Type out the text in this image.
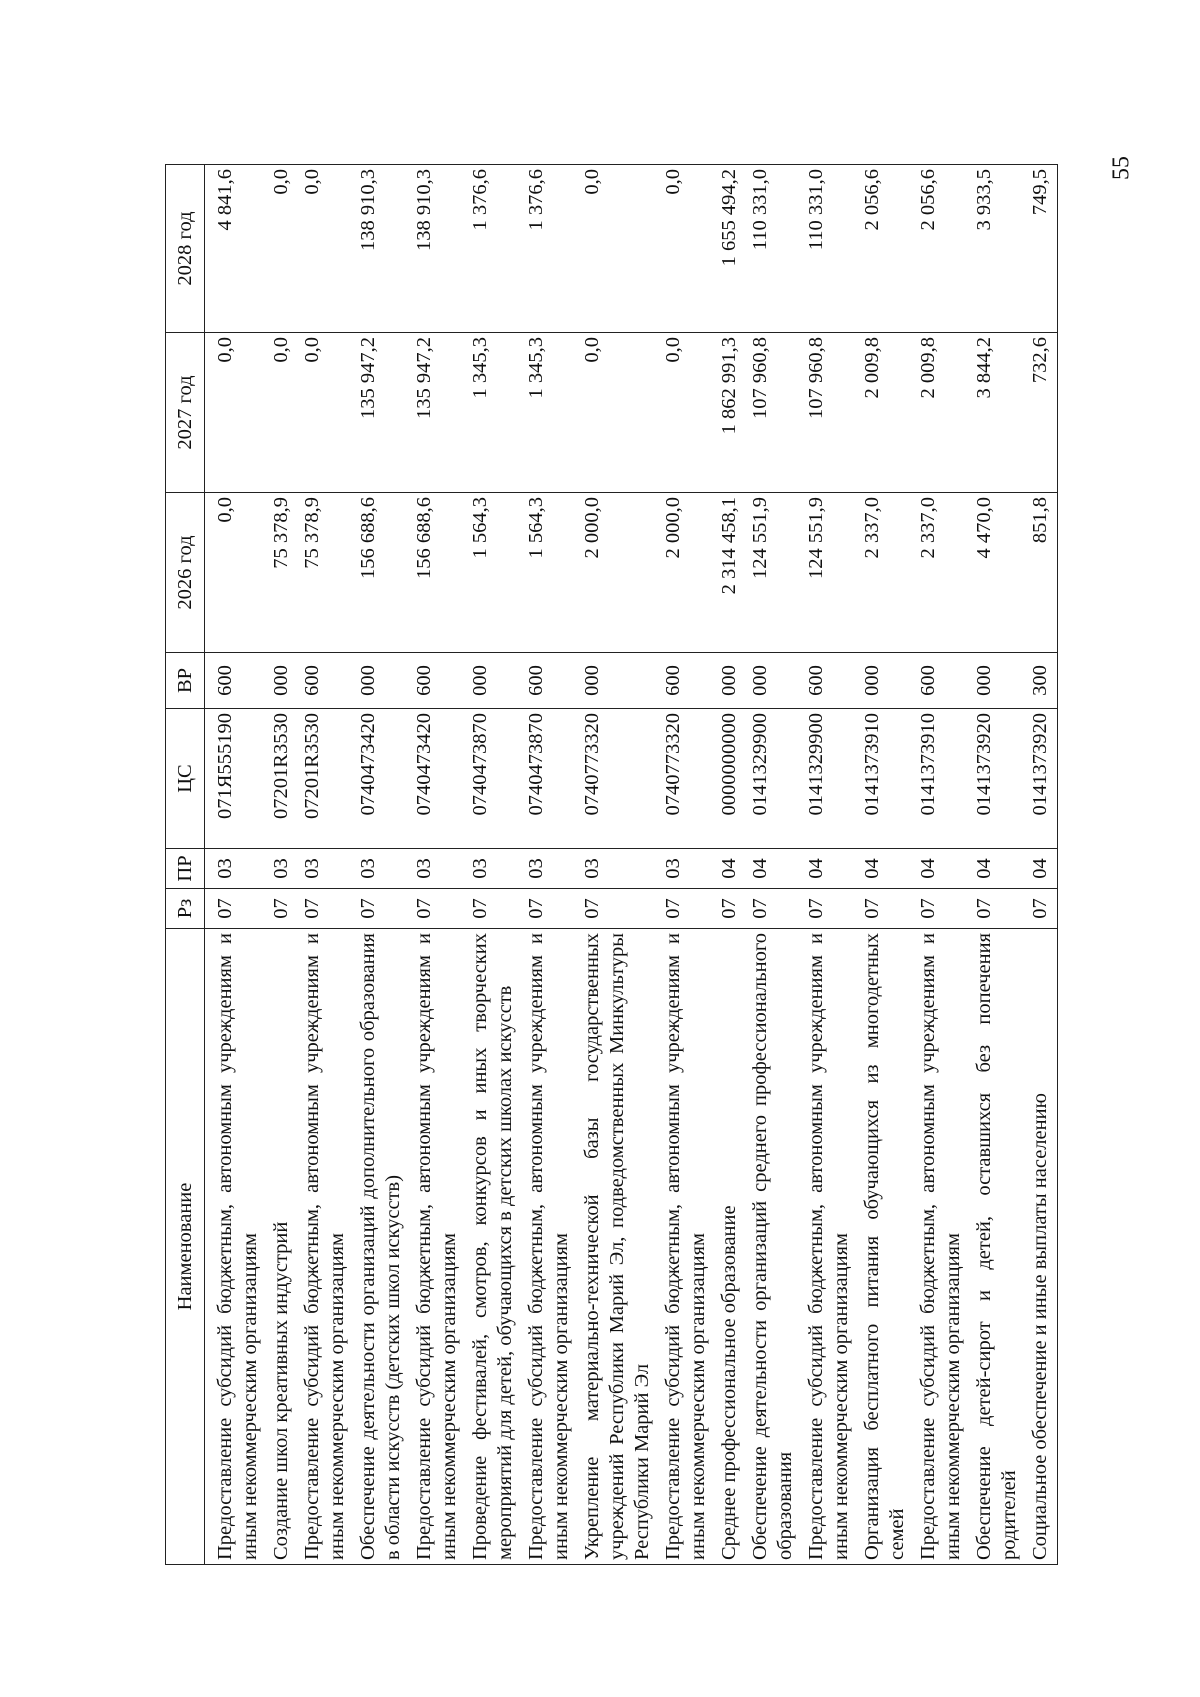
55
Наименование	Рз	ПР	ЦС	ВР	2026 год	2027 год	2028 год
Предоставление субсидий бюджетным, автономным учреждениям и иным некоммерческим организациям	07	03	071Я555190	600	0,0	0,0	4 841,6
Создание школ креативных индустрий	07	03	07201R3530	000	75 378,9	0,0	0,0
Предоставление субсидий бюджетным, автономным учреждениям и иным некоммерческим организациям	07	03	07201R3530	600	75 378,9	0,0	0,0
Обеспечение деятельности организаций дополнительного образования в области искусств (детских школ искусств)	07	03	0740473420	000	156 688,6	135 947,2	138 910,3
Предоставление субсидий бюджетным, автономным учреждениям и иным некоммерческим организациям	07	03	0740473420	600	156 688,6	135 947,2	138 910,3
Проведение фестивалей, смотров, конкурсов и иных творческих мероприятий для детей, обучающихся в детских школах искусств	07	03	0740473870	000	1 564,3	1 345,3	1 376,6
Предоставление субсидий бюджетным, автономным учреждениям и иным некоммерческим организациям	07	03	0740473870	600	1 564,3	1 345,3	1 376,6
Укрепление материально-технической базы государственных учреждений Республики Марий Эл, подведомственных Минкультуры Республики Марий Эл	07	03	0740773320	000	2 000,0	0,0	0,0
Предоставление субсидий бюджетным, автономным учреждениям и иным некоммерческим организациям	07	03	0740773320	600	2 000,0	0,0	0,0
Среднее профессиональное образование	07	04	0000000000	000	2 314 458,1	1 862 991,3	1 655 494,2
Обеспечение деятельности организаций среднего профессионального образования	07	04	0141329900	000	124 551,9	107 960,8	110 331,0
Предоставление субсидий бюджетным, автономным учреждениям и иным некоммерческим организациям	07	04	0141329900	600	124 551,9	107 960,8	110 331,0
Организация бесплатного питания обучающихся из многодетных семей	07	04	0141373910	000	2 337,0	2 009,8	2 056,6
Предоставление субсидий бюджетным, автономным учреждениям и иным некоммерческим организациям	07	04	0141373910	600	2 337,0	2 009,8	2 056,6
Обеспечение детей-сирот и детей, оставшихся без попечения родителей	07	04	0141373920	000	4 470,0	3 844,2	3 933,5
Социальное обеспечение и иные выплаты населению	07	04	0141373920	300	851,8	732,6	749,5
